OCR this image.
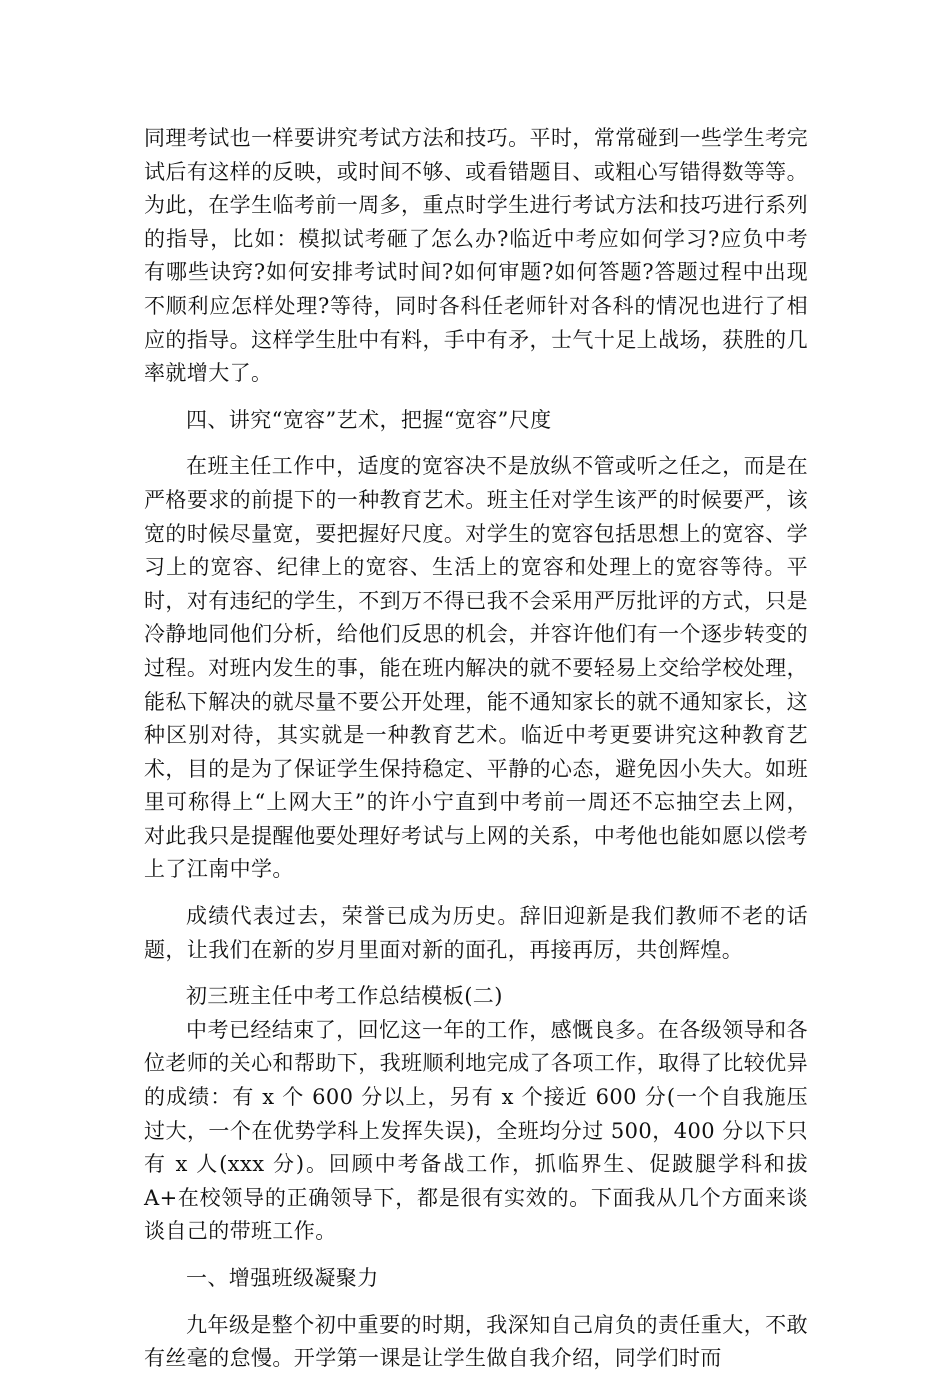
同理考试也一样要讲究考试方法和技巧。平时，常常碰到一些学生考完试后有这样的反映，或时间不够、或看错题目、或粗心写错得数等等。为此，在学生临考前一周多，重点时学生进行考试方法和技巧进行系列的指导，比如：模拟试考砸了怎么办?临近中考应如何学习?应负中考有哪些诀窍?如何安排考试时间?如何审题?如何答题?答题过程中出现不顺利应怎样处理?等待，同时各科任老师针对各科的情况也进行了相应的指导。这样学生肚中有料，手中有矛，士气十足上战场，获胜的几率就增大了。

四、讲究“宽容”艺术，把握“宽容”尺度

在班主任工作中，适度的宽容决不是放纵不管或听之任之，而是在严格要求的前提下的一种教育艺术。班主任对学生该严的时候要严，该宽的时候尽量宽，要把握好尺度。对学生的宽容包括思想上的宽容、学习上的宽容、纪律上的宽容、生活上的宽容和处理上的宽容等待。平时，对有违纪的学生，不到万不得已我不会采用严厉批评的方式，只是冷静地同他们分析，给他们反思的机会，并容许他们有一个逐步转变的过程。对班内发生的事，能在班内解决的就不要轻易上交给学校处理，能私下解决的就尽量不要公开处理，能不通知家长的就不通知家长，这种区别对待，其实就是一种教育艺术。临近中考更要讲究这种教育艺术，目的是为了保证学生保持稳定、平静的心态，避免因小失大。如班里可称得上“上网大王”的许小宁直到中考前一周还不忘抽空去上网，对此我只是提醒他要处理好考试与上网的关系，中考他也能如愿以偿考上了江南中学。

成绩代表过去，荣誉已成为历史。辞旧迎新是我们教师不老的话题，让我们在新的岁月里面对新的面孔，再接再厉，共创辉煌。

初三班主任中考工作总结模板(二)

中考已经结束了，回忆这一年的工作，感慨良多。在各级领导和各位老师的关心和帮助下，我班顺利地完成了各项工作，取得了比较优异的成绩：有 x 个 600 分以上，另有 x 个接近 600 分(一个自我施压过大，一个在优势学科上发挥失误)，全班均分过 500，400 分以下只有 x 人(xxx 分)。回顾中考备战工作，抓临界生、促跛腿学科和拔 A+在校领导的正确领导下，都是很有实效的。下面我从几个方面来谈谈自己的带班工作。

一、增强班级凝聚力

九年级是整个初中重要的时期，我深知自己肩负的责任重大，不敢有丝毫的怠慢。开学第一课是让学生做自我介绍，同学们时而
